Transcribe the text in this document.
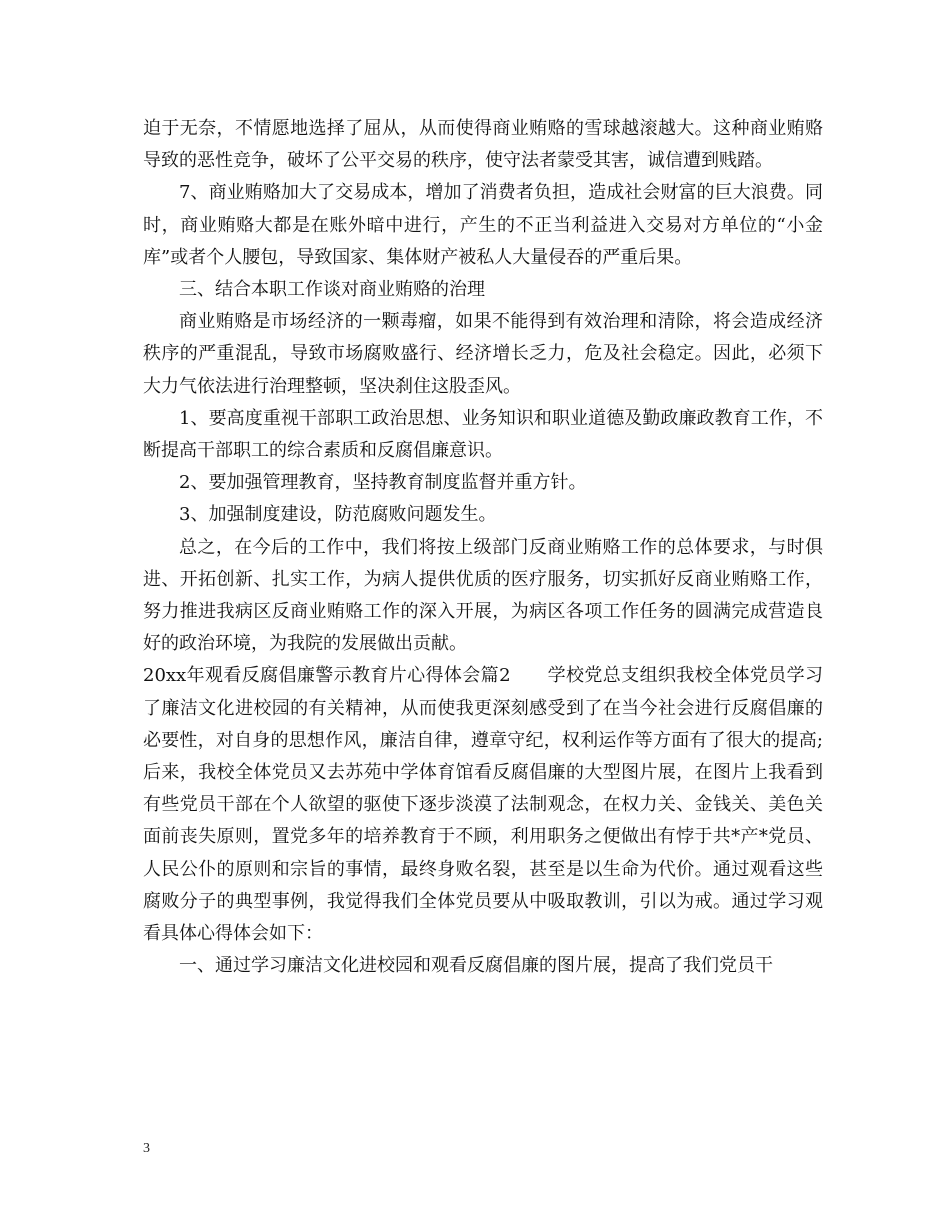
迫于无奈，不情愿地选择了屈从，从而使得商业贿赂的雪球越滚越大。这种商业贿赂导致的恶性竞争，破坏了公平交易的秩序，使守法者蒙受其害，诚信遭到贱踏。

7、商业贿赂加大了交易成本，增加了消费者负担，造成社会财富的巨大浪费。同时，商业贿赂大都是在账外暗中进行，产生的不正当利益进入交易对方单位的“小金库”或者个人腰包，导致国家、集体财产被私人大量侵吞的严重后果。

三、结合本职工作谈对商业贿赂的治理

商业贿赂是市场经济的一颗毒瘤，如果不能得到有效治理和清除，将会造成经济秩序的严重混乱，导致市场腐败盛行、经济增长乏力，危及社会稳定。因此，必须下大力气依法进行治理整顿，坚决刹住这股歪风。

1、要高度重视干部职工政治思想、业务知识和职业道德及勤政廉政教育工作，不断提高干部职工的综合素质和反腐倡廉意识。

2、要加强管理教育，坚持教育制度监督并重方针。

3、加强制度建设，防范腐败问题发生。

总之，在今后的工作中，我们将按上级部门反商业贿赂工作的总体要求，与时俱进、开拓创新、扎实工作，为病人提供优质的医疗服务，切实抓好反商业贿赂工作，努力推进我病区反商业贿赂工作的深入开展，为病区各项工作任务的圆满完成营造良好的政治环境，为我院的发展做出贡献。

20xx年观看反腐倡廉警示教育片心得体会篇2　　学校党总支组织我校全体党员学习了廉洁文化进校园的有关精神，从而使我更深刻感受到了在当今社会进行反腐倡廉的必要性，对自身的思想作风，廉洁自律，遵章守纪，权利运作等方面有了很大的提高;后来，我校全体党员又去苏苑中学体育馆看反腐倡廉的大型图片展，在图片上我看到有些党员干部在个人欲望的驱使下逐步淡漠了法制观念，在权力关、金钱关、美色关面前丧失原则，置党多年的培养教育于不顾，利用职务之便做出有悖于共*产*党员、人民公仆的原则和宗旨的事情，最终身败名裂，甚至是以生命为代价。通过观看这些腐败分子的典型事例，我觉得我们全体党员要从中吸取教训，引以为戒。通过学习观看具体心得体会如下：

一、通过学习廉洁文化进校园和观看反腐倡廉的图片展，提高了我们党员干

3
